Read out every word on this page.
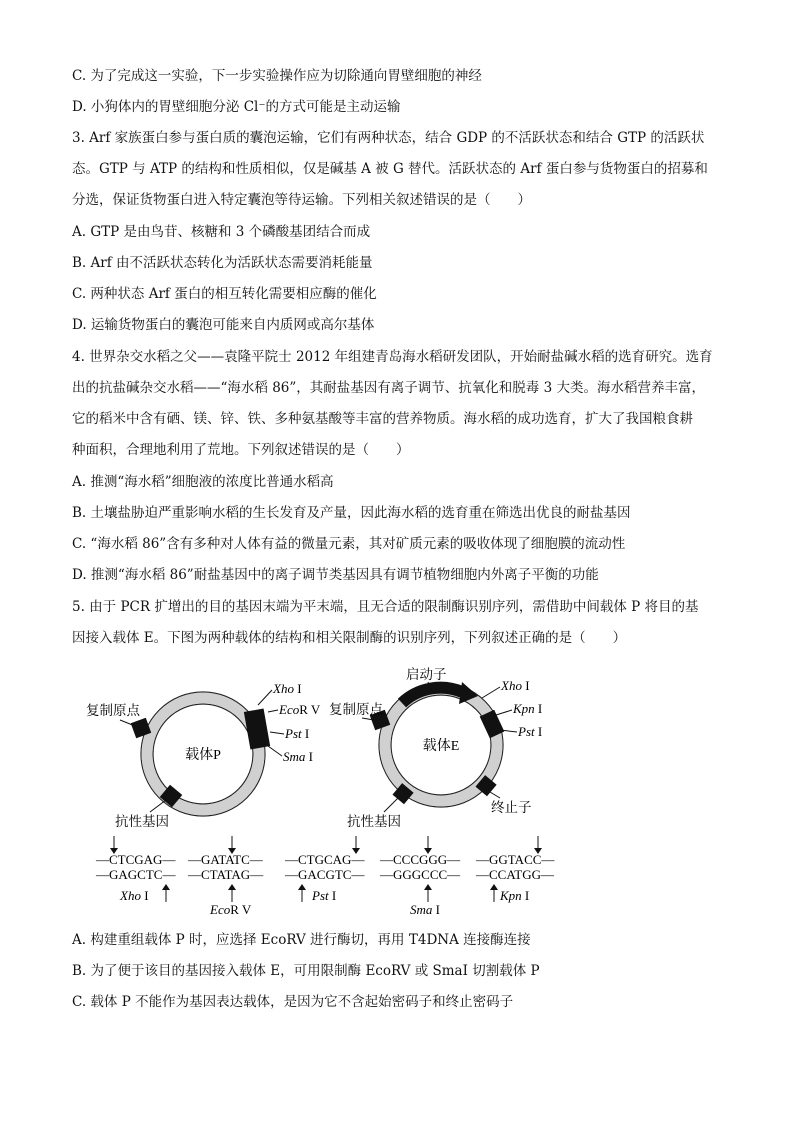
C. 为了完成这一实验，下一步实验操作应为切除通向胃壁细胞的神经
D. 小狗体内的胃壁细胞分泌 Cl⁻的方式可能是主动运输
3. Arf 家族蛋白参与蛋白质的囊泡运输，它们有两种状态，结合 GDP 的不活跃状态和结合 GTP 的活跃状
态。GTP 与 ATP 的结构和性质相似，仅是碱基 A 被 G 替代。活跃状态的 Arf 蛋白参与货物蛋白的招募和
分选，保证货物蛋白进入特定囊泡等待运输。下列相关叙述错误的是（　　）
A. GTP 是由鸟苷、核糖和 3 个磷酸基团结合而成
B. Arf 由不活跃状态转化为活跃状态需要消耗能量
C. 两种状态 Arf 蛋白的相互转化需要相应酶的催化
D. 运输货物蛋白的囊泡可能来自内质网或高尔基体
4. 世界杂交水稻之父——袁隆平院士 2012 年组建青岛海水稻研发团队，开始耐盐碱水稻的选育研究。选育
出的抗盐碱杂交水稻——“海水稻 86”，其耐盐基因有离子调节、抗氧化和脱毒 3 大类。海水稻营养丰富，
它的稻米中含有硒、镁、锌、铁、多种氨基酸等丰富的营养物质。海水稻的成功选育，扩大了我国粮食耕
种面积，合理地利用了荒地。下列叙述错误的是（　　）
A. 推测“海水稻”细胞液的浓度比普通水稻高
B. 土壤盐胁迫严重影响水稻的生长发育及产量，因此海水稻的选育重在筛选出优良的耐盐基因
C. “海水稻 86”含有多种对人体有益的微量元素，其对矿质元素的吸收体现了细胞膜的流动性
D. 推测“海水稻 86”耐盐基因中的离子调节类基因具有调节植物细胞内外离子平衡的功能
5. 由于 PCR 扩增出的目的基因末端为平末端，且无合适的限制酶识别序列，需借助中间载体 P 将目的基
因接入载体 E。下图为两种载体的结构和相关限制酶的识别序列，下列叙述正确的是（　　）
载体P
复制原点
抗性基因
Xho I
EcoR V
Pst I
Sma I
载体E
启动子
复制原点
抗性基因
终止子
Xho I
Kpn I
Pst I
—CTCGAG—
—GAGCTC—
Xho I
—GATATC—
—CTATAG—
EcoR V
—CTGCAG—
—GACGTC—
Pst I
—CCCGGG—
—GGGCCC—
Sma I
—GGTACC—
—CCATGG—
Kpn I
A. 构建重组载体 P 时，应选择 EcoRV 进行酶切，再用 T4DNA 连接酶连接
B. 为了便于该目的基因接入载体 E，可用限制酶 EcoRV 或 SmaI 切割载体 P
C. 载体 P 不能作为基因表达载体，是因为它不含起始密码子和终止密码子
